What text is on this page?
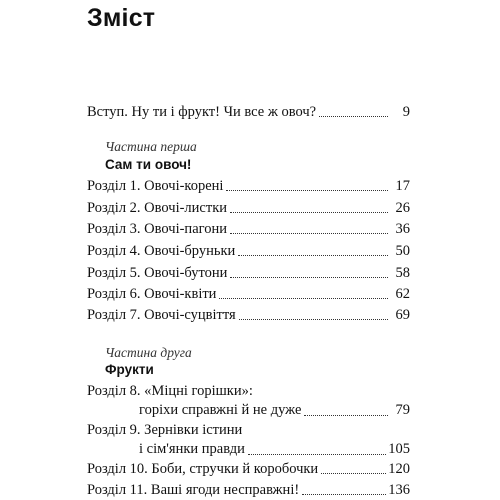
Зміст
Вступ. Ну ти і фрукт! Чи все ж овоч?	9
Частина перша
Сам ти овоч!
Розділ 1. Овочі-корені	17
Розділ 2. Овочі-листки	26
Розділ 3. Овочі-пагони	36
Розділ 4. Овочі-бруньки	50
Розділ 5. Овочі-бутони	58
Розділ 6. Овочі-квіти	62
Розділ 7. Овочі-суцвіття	69
Частина друга
Фрукти
Розділ 8. «Міцні горішки»:
горіхи справжні й не дуже	79
Розділ 9. Зернівки істини
і сім'янки правди	105
Розділ 10. Боби, стручки й коробочки	120
Розділ 11. Ваші ягоди несправжні!	136
